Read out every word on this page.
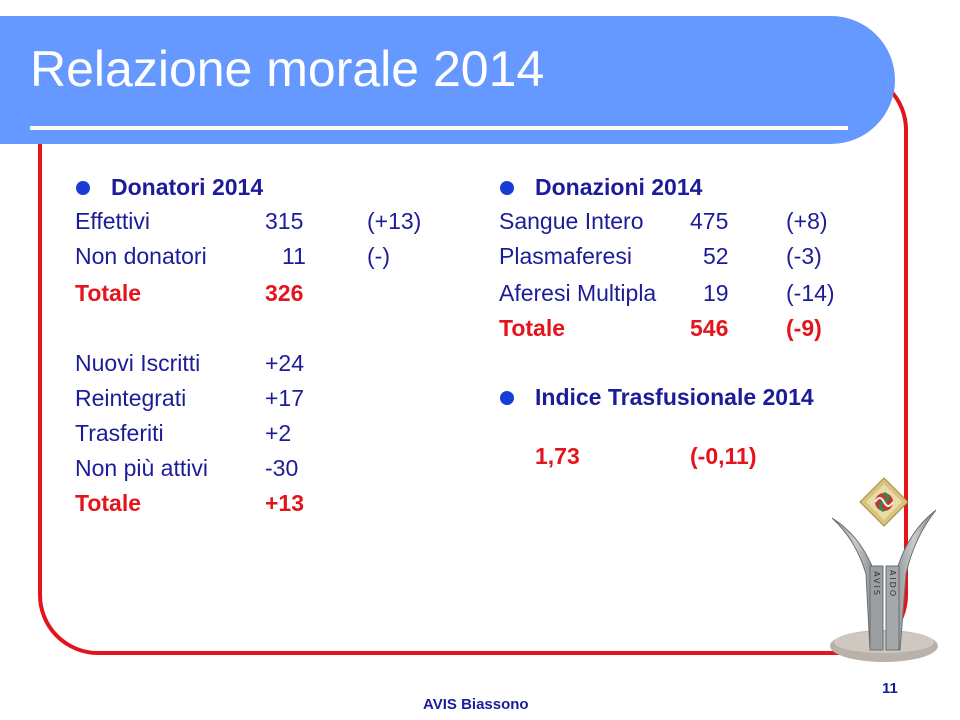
Relazione morale 2014
Donatori 2014
Effettivi	315	(+13)
Non donatori	11	(-)
Totale	326
Nuovi Iscritti	+24
Reintegrati	+17
Trasferiti	+2
Non più attivi -30
Totale	+13
Donazioni 2014
Sangue Intero 475	(+8)
Plasmaferesi	52 (-3)
Aferesi Multipla 19 (-14)
Totale	546	(-9)
Indice Trasfusionale 2014
1,73	(-0,11)
AVIS AIDO
11
AVIS Biassono
